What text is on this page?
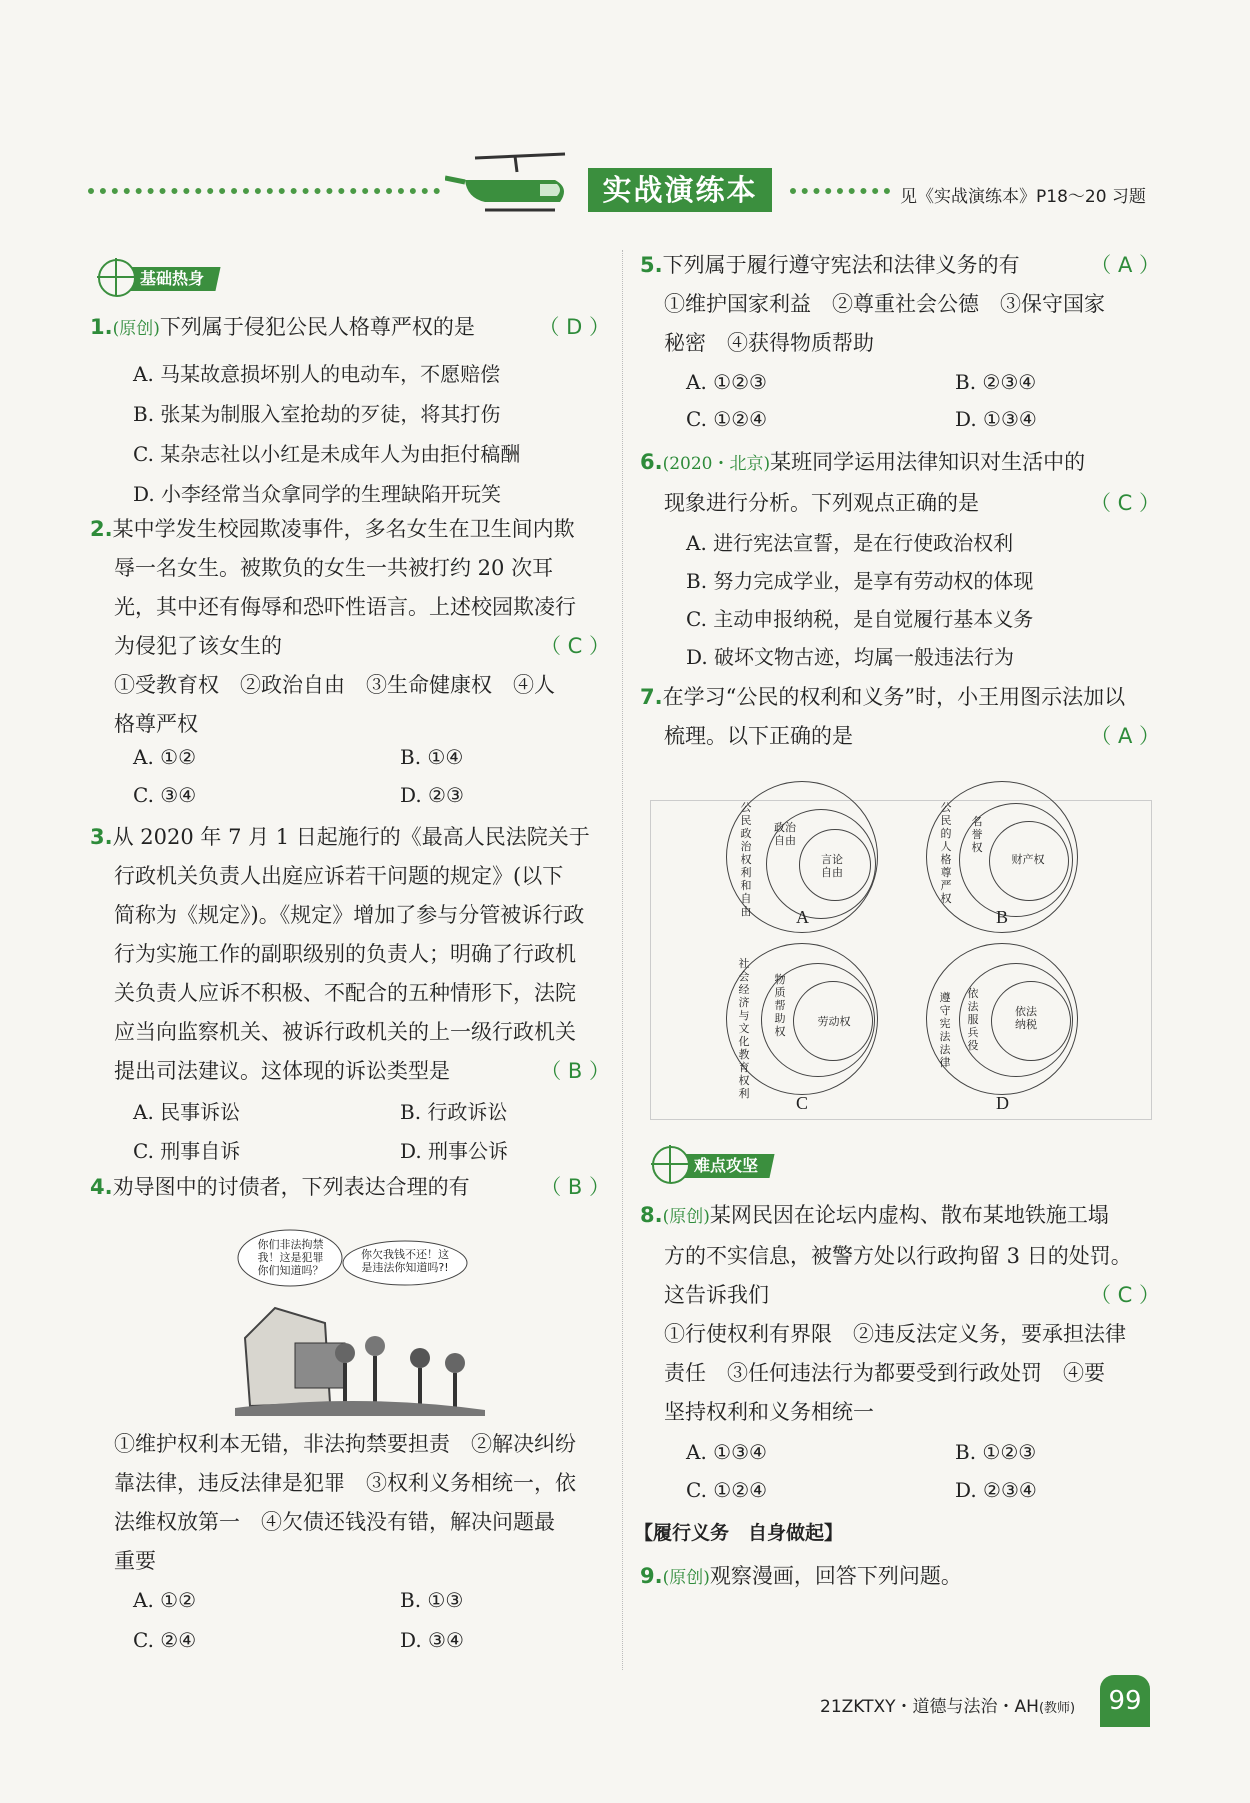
实战演练本	见《实战演练本》P18～20 习题
基础热身
1.(原创)下列属于侵犯公民人格尊严权的是	（ D ）
A. 马某故意损坏别人的电动车，不愿赔偿
B. 张某为制服入室抢劫的歹徒，将其打伤
C. 某杂志社以小红是未成年人为由拒付稿酬
D. 小李经常当众拿同学的生理缺陷开玩笑
2.某中学发生校园欺凌事件，多名女生在卫生间内欺
辱一名女生。被欺负的女生一共被打约 20 次耳
光，其中还有侮辱和恐吓性语言。上述校园欺凌行
为侵犯了该女生的	（ C ）
①受教育权　②政治自由　③生命健康权　④人
格尊严权
A. ①②	B. ①④
C. ③④	D. ②③
3.从 2020 年 7 月 1 日起施行的《最高人民法院关于
行政机关负责人出庭应诉若干问题的规定》(以下
简称为《规定》)。《规定》增加了参与分管被诉行政
行为实施工作的副职级别的负责人；明确了行政机
关负责人应诉不积极、不配合的五种情形下，法院
应当向监察机关、被诉行政机关的上一级行政机关
提出司法建议。这体现的诉讼类型是	（ B ）
A. 民事诉讼	B. 行政诉讼
C. 刑事自诉	D. 刑事公诉
4.劝导图中的讨债者，下列表达合理的有	（ B ）
你们非法拘禁
我！这是犯罪
你们知道吗？
你欠我钱不还！这
是违法你知道吗?!
①维护权利本无错，非法拘禁要担责　②解决纠纷
靠法律，违反法律是犯罪　③权利义务相统一，依
法维权放第一　④欠债还钱没有错，解决问题最
重要
A. ①②	B. ①③
C. ②④	D. ③④
5.下列属于履行遵守宪法和法律义务的有	（ A ）
①维护国家利益　②尊重社会公德　③保守国家
秘密　④获得物质帮助
A. ①②③	B. ②③④
C. ①②④	D. ①③④
6.(2020・北京)某班同学运用法律知识对生活中的
现象进行分析。下列观点正确的是	（ C ）
A. 进行宪法宣誓，是在行使政治权利
B. 努力完成学业，是享有劳动权的体现
C. 主动申报纳税，是自觉履行基本义务
D. 破坏文物古迹，均属一般违法行为
7.在学习“公民的权利和义务”时，小王用图示法加以
梳理。以下正确的是	（ A ）
公民政治权利和自由
政治自由
言论自由
A
公民的人格尊严权
名誉权
财产权
B
社会经济与文化教育权利
物质帮助权
劳动权
C
遵守宪法法律
依法服兵役
依法纳税
D
难点攻坚
8.(原创)某网民因在论坛内虚构、散布某地铁施工塌
方的不实信息，被警方处以行政拘留 3 日的处罚。
这告诉我们	（ C ）
①行使权利有界限　②违反法定义务，要承担法律
责任　③任何违法行为都要受到行政处罚　④要
坚持权利和义务相统一
A. ①③④	B. ①②③
C. ①②④	D. ②③④
【履行义务　自身做起】
9.(原创)观察漫画，回答下列问题。
21ZKTXY・道德与法治・AH(教师)	99
